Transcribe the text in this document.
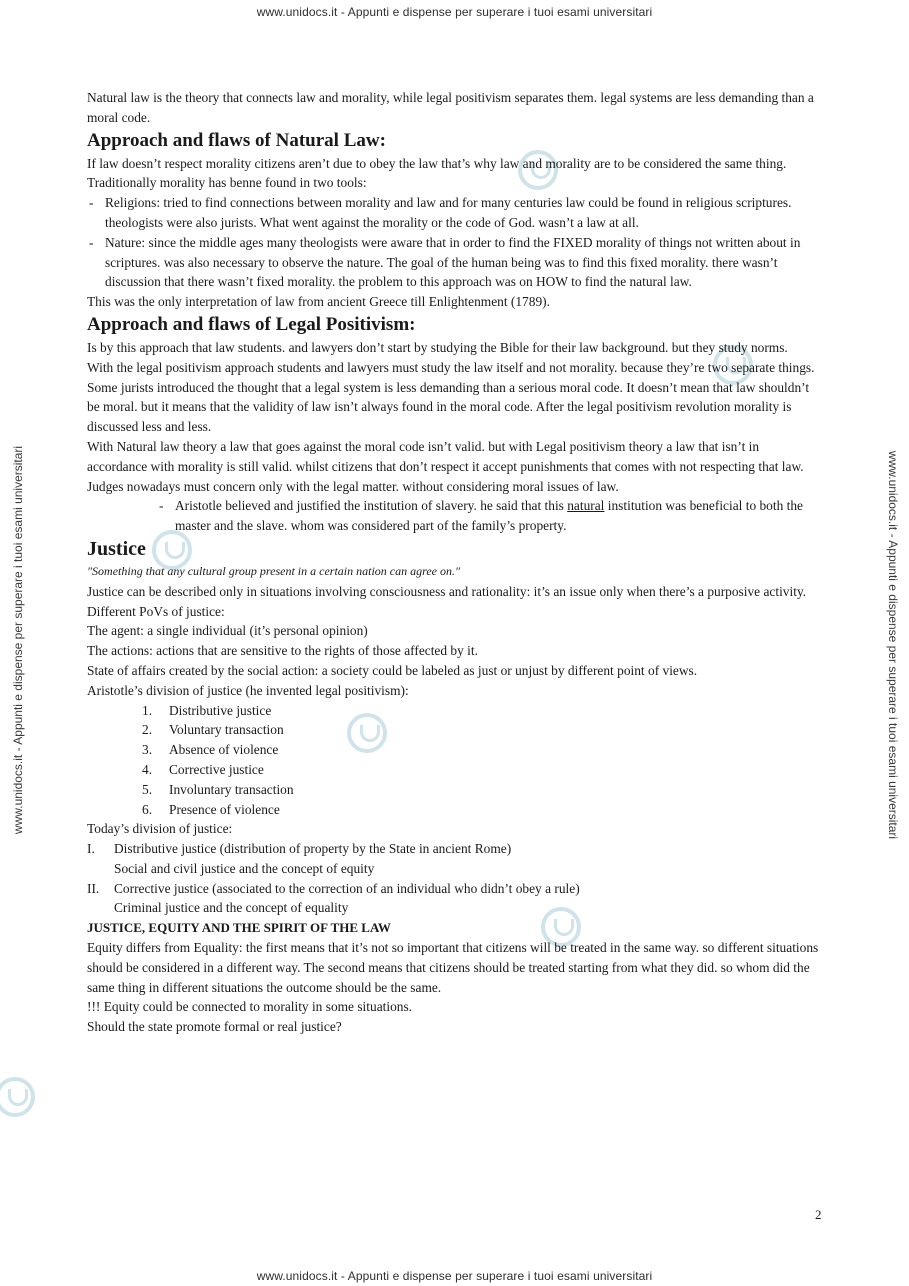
www.unidocs.it - Appunti e dispense per superare i tuoi esami universitari
www.unidocs.it - Appunti e dispense per superare i tuoi esami universitari	www.unidocs.it - Appunti e dispense per superare i tuoi esami universitari

Natural law is the theory that connects law and morality, while legal positivism separates them. legal systems are less demanding than a moral code.

Approach and flaws of Natural Law:

If law doesn’t respect morality citizens aren’t due to obey the law that’s why law and morality are to be considered the same thing.

Traditionally morality has benne found in two tools:

- Religions: tried to find connections between morality and law and for many centuries law could be found in religious scriptures. theologists were also jurists. What went against the morality or the code of God. wasn’t a law at all.
- Nature: since the middle ages many theologists were aware that in order to find the FIXED morality of things not written about in scriptures. was also necessary to observe the nature. The goal of the human being was to find this fixed morality. there wasn’t discussion that there wasn’t fixed morality. the problem to this approach was on HOW to find the natural law.

This was the only interpretation of law from ancient Greece till Enlightenment (1789).

Approach and flaws of Legal Positivism:

Is by this approach that law students. and lawyers don’t start by studying the Bible for their law background. but they study norms.

With the legal positivism approach students and lawyers must study the law itself and not morality. because they’re two separate things. Some jurists introduced the thought that a legal system is less demanding than a serious moral code. It doesn’t mean that law shouldn’t be moral. but it means that the validity of law isn’t always found in the moral code. After the legal positivism revolution morality is discussed less and less.

With Natural law theory a law that goes against the moral code isn’t valid. but with Legal positivism theory a law that isn’t in accordance with morality is still valid. whilst citizens that don’t respect it accept punishments that comes with not respecting that law. Judges nowadays must concern only with the legal matter. without considering moral issues of law.

- Aristotle believed and justified the institution of slavery. he said that this natural institution was beneficial to both the master and the slave. whom was considered part of the family’s property.
Justice

"Something that any cultural group present in a certain nation can agree on."

Justice can be described only in situations involving consciousness and rationality: it’s an issue only when there’s a purposive activity.

Different PoVs of justice:

The agent: a single individual (it’s personal opinion)

The actions: actions that are sensitive to the rights of those affected by it.

State of affairs created by the social action: a society could be labeled as just or unjust by different point of views.

Aristotle’s division of justice (he invented legal positivism):

1. Distributive justice
2. Voluntary transaction
3. Absence of violence
4. Corrective justice
5. Involuntary transaction
6. Presence of violence

Today’s division of justice:

I. Distributive justice (distribution of property by the State in ancient Rome)
Social and civil justice and the concept of equity
II. Corrective justice (associated to the correction of an individual who didn’t obey a rule)
Criminal justice and the concept of equality

JUSTICE, EQUITY AND THE SPIRIT OF THE LAW

Equity differs from Equality: the first means that it’s not so important that citizens will be treated in the same way. so different situations should be considered in a different way. The second means that citizens should be treated starting from what they did. so whom did the same thing in different situations the outcome should be the same.

!!! Equity could be connected to morality in some situations.

Should the state promote formal or real justice?

2
www.unidocs.it - Appunti e dispense per superare i tuoi esami universitari
